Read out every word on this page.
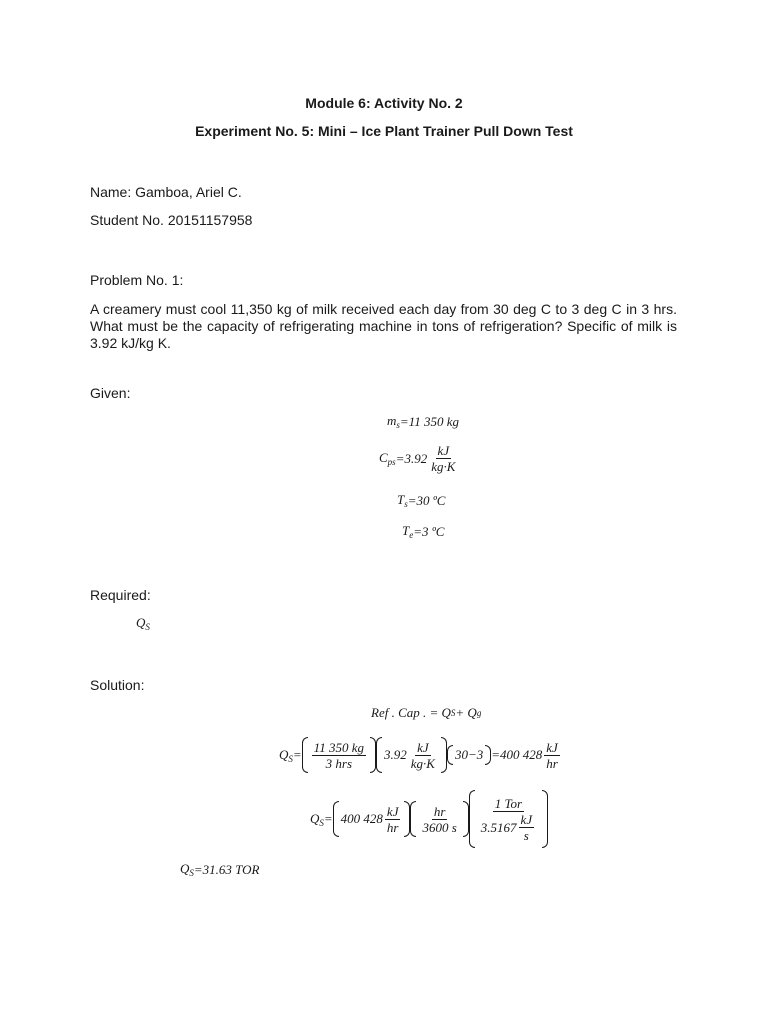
Module 6: Activity No. 2
Experiment No. 5: Mini – Ice Plant Trainer Pull Down Test
Name: Gamboa, Ariel C.
Student No. 20151157958
Problem No. 1:
A creamery must cool 11,350 kg of milk received each day from 30 deg C to 3 deg C in 3 hrs. What must be the capacity of refrigerating machine in tons of refrigeration? Specific of milk is 3.92 kJ/kg K.
Given:
$m_s =11$ 350 kg
$C_{ps} =3.92 \frac{kJ}{kg\cdot K}$
$T_s =30$ ºC
$T_e =3$ ºC
Required:
$Q_S$
Solution:
Ref . Cap . = Q S + Q g
$Q_S= \frac{11 350 kg}{\text{3 hrs}} 3.92 \frac{kJ}{kg\cdot K} 30-3 =400$ $428 \frac{kJ}{hr}$
$Q_S= 400$ $428 \frac{kJ}{hr} \frac{hr}{3600 s} \frac{\text{1 Tor}}{3.5167 \frac{kJ}{s}}$
$Q_S =31.63$ TOR
